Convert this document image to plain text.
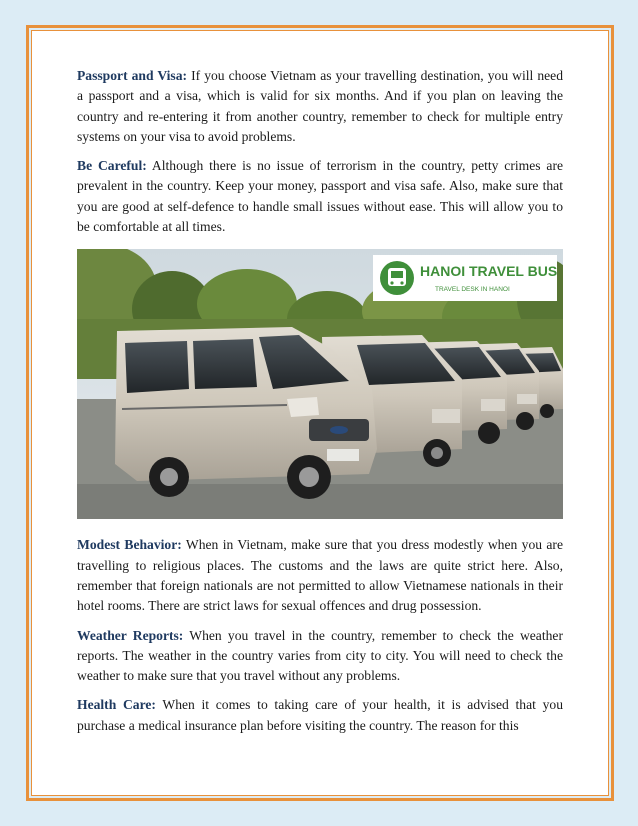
Passport and Visa: If you choose Vietnam as your travelling destination, you will need a passport and a visa, which is valid for six months. And if you plan on leaving the country and re-entering it from another country, remember to check for multiple entry systems on your visa to avoid problems.

Be Careful: Although there is no issue of terrorism in the country, petty crimes are prevalent in the country. Keep your money, passport and visa safe. Also, make sure that you are good at self-defence to handle small issues without ease. This will allow you to be comfortable at all times.

HANOI TRAVEL BUS
TRAVEL DESK IN HANOI

Modest Behavior: When in Vietnam, make sure that you dress modestly when you are travelling to religious places. The customs and the laws are quite strict here. Also, remember that foreign nationals are not permitted to allow Vietnamese nationals in their hotel rooms. There are strict laws for sexual offences and drug possession.

Weather Reports: When you travel in the country, remember to check the weather reports. The weather in the country varies from city to city. You will need to check the weather to make sure that you travel without any problems.

Health Care: When it comes to taking care of your health, it is advised that you purchase a medical insurance plan before visiting the country. The reason for this
